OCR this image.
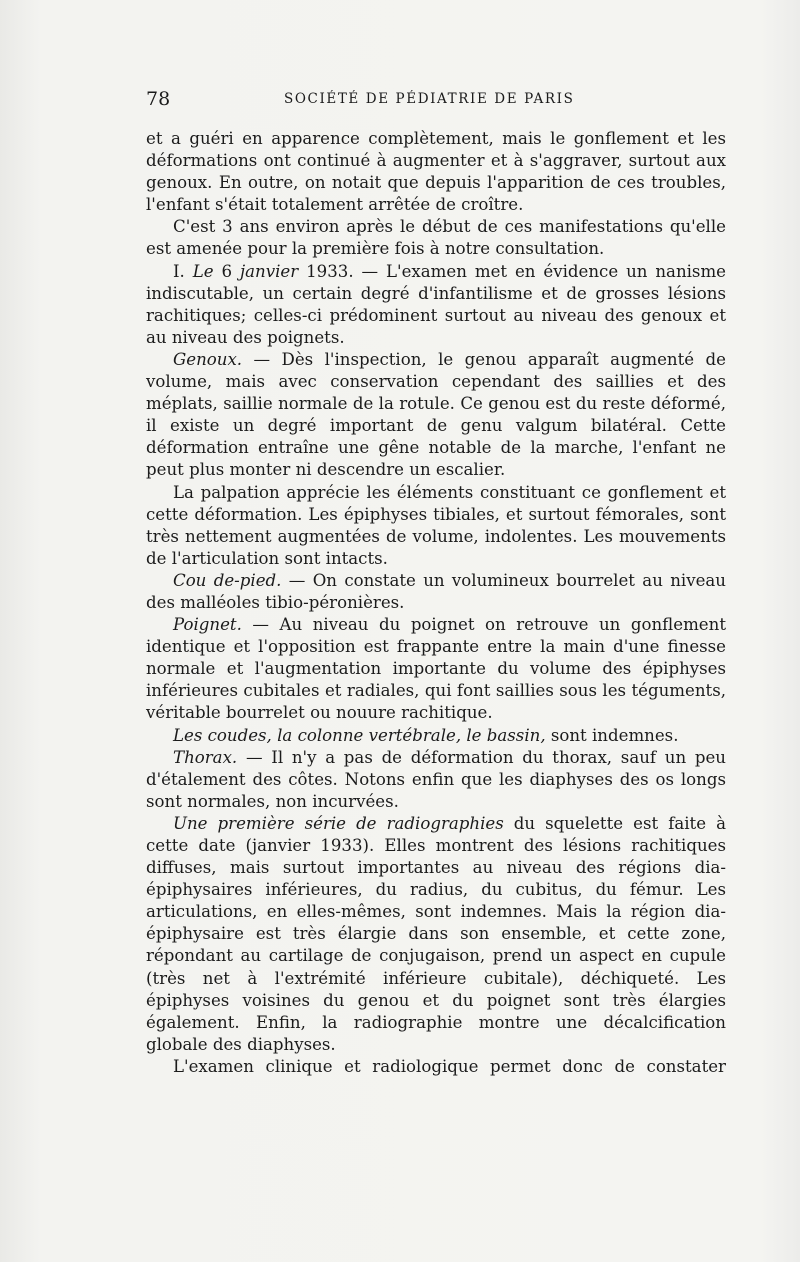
78	SOCIÉTÉ DE PÉDIATRIE DE PARIS

et a guéri en apparence complètement, mais le gonflement et les déformations ont continué à augmenter et à s'aggraver, surtout aux genoux. En outre, on notait que depuis l'apparition de ces troubles, l'enfant s'était totalement arrêtée de croître.

C'est 3 ans environ après le début de ces manifestations qu'elle est amenée pour la première fois à notre consultation.

I. Le 6 janvier 1933. — L'examen met en évidence un nanisme indiscutable, un certain degré d'infantilisme et de grosses lésions rachitiques; celles-ci prédominent surtout au niveau des genoux et au niveau des poignets.

Genoux. — Dès l'inspection, le genou apparaît augmenté de volume, mais avec conservation cependant des saillies et des méplats, saillie normale de la rotule. Ce genou est du reste déformé, il existe un degré important de genu valgum bilatéral. Cette déformation entraîne une gêne notable de la marche, l'enfant ne peut plus monter ni descendre un escalier.

La palpation apprécie les éléments constituant ce gonflement et cette déformation. Les épiphyses tibiales, et surtout fémorales, sont très nettement augmentées de volume, indolentes. Les mouvements de l'articulation sont intacts.

Cou de-pied. — On constate un volumineux bourrelet au niveau des malléoles tibio-péronières.

Poignet. — Au niveau du poignet on retrouve un gonflement identique et l'opposition est frappante entre la main d'une finesse normale et l'augmentation importante du volume des épiphyses inférieures cubitales et radiales, qui font saillies sous les téguments, véritable bourrelet ou nouure rachitique.

Les coudes, la colonne vertébrale, le bassin, sont indemnes.

Thorax. — Il n'y a pas de déformation du thorax, sauf un peu d'étalement des côtes. Notons enfin que les diaphyses des os longs sont normales, non incurvées.

Une première série de radiographies du squelette est faite à cette date (janvier 1933). Elles montrent des lésions rachitiques diffuses, mais surtout importantes au niveau des régions dia-épiphysaires inférieures, du radius, du cubitus, du fémur. Les articulations, en elles-mêmes, sont indemnes. Mais la région dia-épiphysaire est très élargie dans son ensemble, et cette zone, répondant au cartilage de conjugaison, prend un aspect en cupule (très net à l'extrémité inférieure cubitale), déchiqueté. Les épiphyses voisines du genou et du poignet sont très élargies également. Enfin, la radiographie montre une décalcification globale des diaphyses.

L'examen clinique et radiologique permet donc de constater
